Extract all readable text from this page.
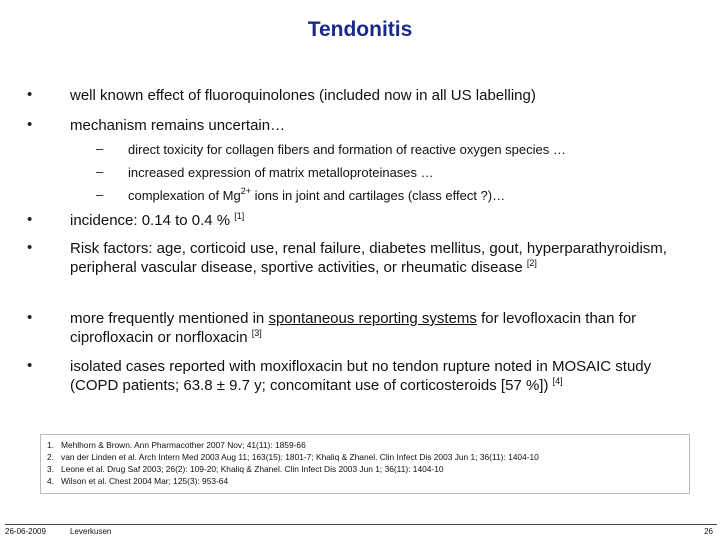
Tendonitis
•	well known effect of fluoroquinolones (included now in all US labelling)
•	mechanism remains uncertain…
– direct toxicity for collagen fibers and formation of reactive oxygen species …
– increased expression of matrix metalloproteinases …
– complexation of $Mg^{2+}$ ions in joint and cartilages (class effect ?)…
•	incidence: 0.14 to 0.4 % [1]
•	Risk factors: age, corticoid use, renal failure, diabetes mellitus, gout, hyperparathyroidism, peripheral vascular disease, sportive activities, or rheumatic disease [2]
•	more frequently mentioned in spontaneous reporting systems for levofloxacin than for ciprofloxacin or norfloxacin [3]
•	isolated cases reported with moxifloxacin but no tendon rupture noted in MOSAIC study (COPD patients; 63.8 ± 9.7 y; concomitant use of corticosteroids [57 %]) [4]
1. Mehlhorn & Brown. Ann Pharmacother 2007 Nov; 41(11): 1859-66
2. van der Linden et al. Arch Intern Med 2003 Aug 11; 163(15): 1801-7; Khaliq & Zhanel. Clin Infect Dis 2003 Jun 1; 36(11): 1404-10
3. Leone et al. Drug Saf 2003; 26(2): 109-20; Khaliq & Zhanel. Clin Infect Dis 2003 Jun 1; 36(11): 1404-10
4. Wilson et al. Chest 2004 Mar; 125(3): 953-64
26-06-2009	Leverkusen	26
